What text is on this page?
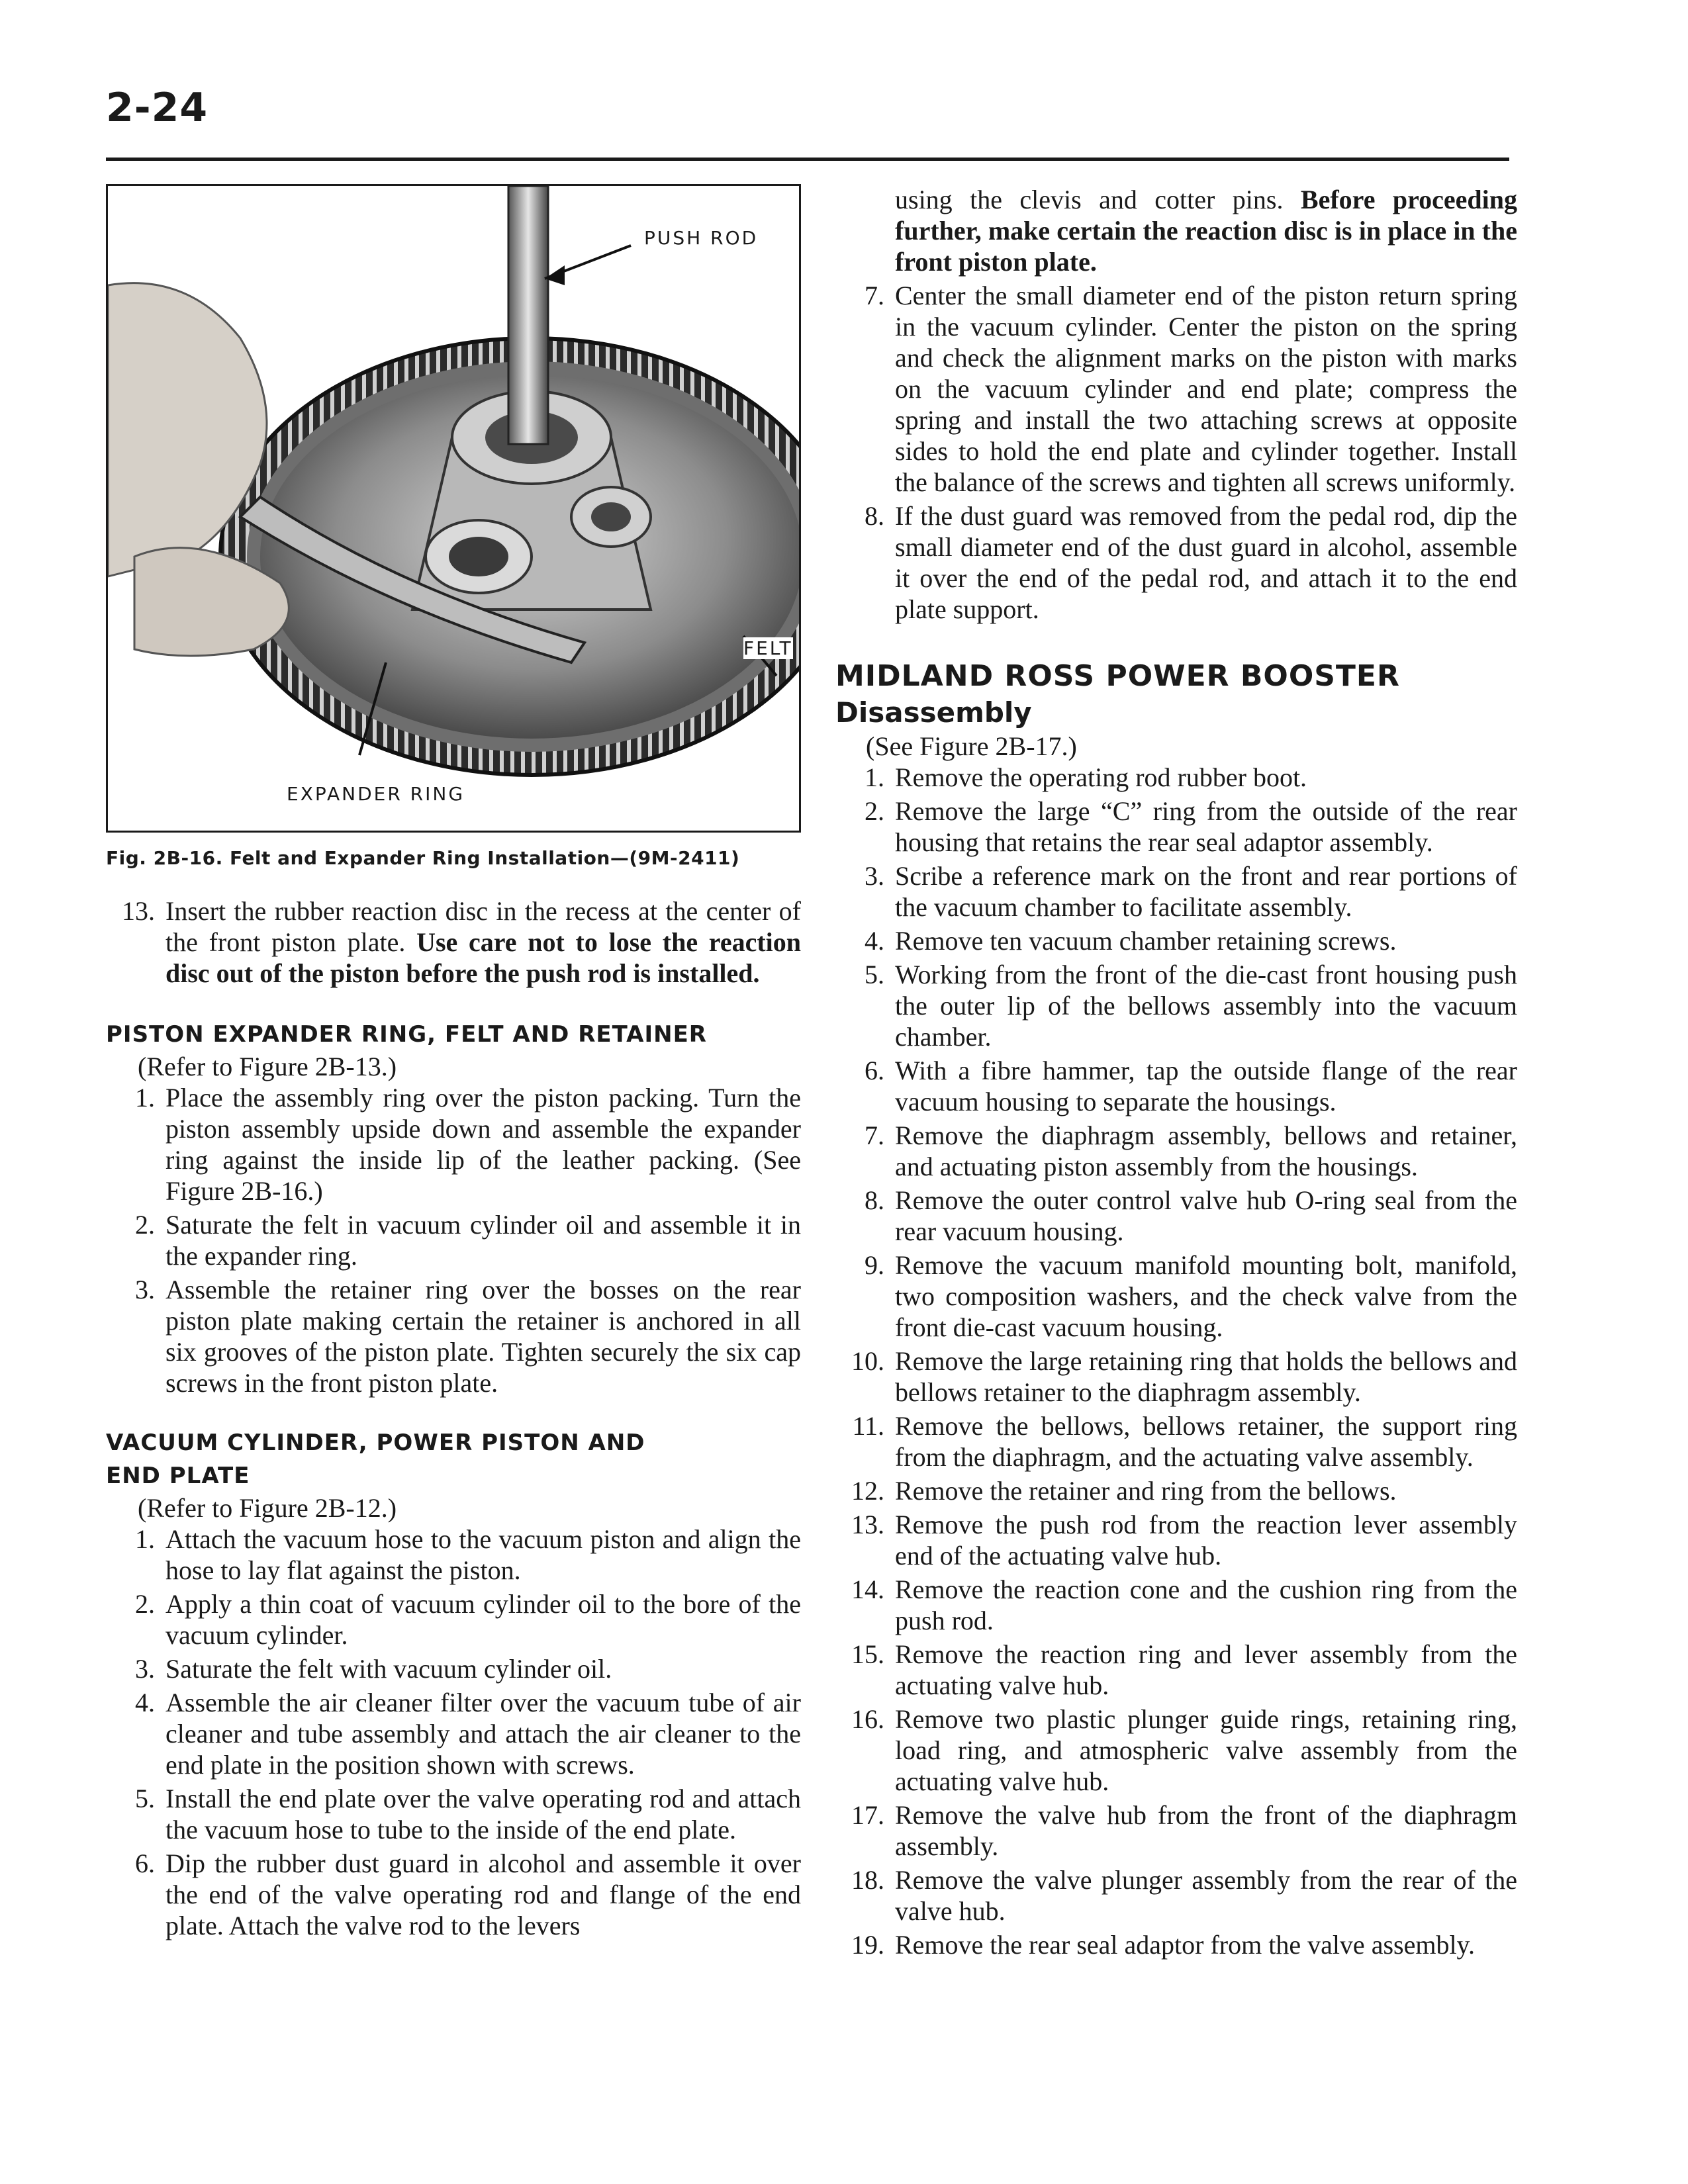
2-24
PUSH ROD
FELT
EXPANDER RING
Fig. 2B-16. Felt and Expander Ring Installation—(9M-2411)
13. Insert the rubber reaction disc in the recess at the center of the front piston plate. Use care not to lose the reaction disc out of the piston before the push rod is installed.
PISTON EXPANDER RING, FELT AND RETAINER
(Refer to Figure 2B-13.)
1. Place the assembly ring over the piston packing. Turn the piston assembly upside down and assemble the expander ring against the inside lip of the leather packing. (See Figure 2B-16.)
2. Saturate the felt in vacuum cylinder oil and assemble it in the expander ring.
3. Assemble the retainer ring over the bosses on the rear piston plate making certain the retainer is anchored in all six grooves of the piston plate. Tighten securely the six cap screws in the front piston plate.
VACUUM CYLINDER, POWER PISTON AND
END PLATE
(Refer to Figure 2B-12.)
1. Attach the vacuum hose to the vacuum piston and align the hose to lay flat against the piston.
2. Apply a thin coat of vacuum cylinder oil to the bore of the vacuum cylinder.
3. Saturate the felt with vacuum cylinder oil.
4. Assemble the air cleaner filter over the vacuum tube of air cleaner and tube assembly and attach the air cleaner to the end plate in the position shown with screws.
5. Install the end plate over the valve operating rod and attach the vacuum hose to tube to the inside of the end plate.
6. Dip the rubber dust guard in alcohol and assemble it over the end of the valve operating rod and flange of the end plate. Attach the valve rod to the levers
using the clevis and cotter pins. Before proceeding further, make certain the reaction disc is in place in the front piston plate.
7. Center the small diameter end of the piston return spring in the vacuum cylinder. Center the piston on the spring and check the alignment marks on the piston with marks on the vacuum cylinder and end plate; compress the spring and install the two attaching screws at opposite sides to hold the end plate and cylinder together. Install the balance of the screws and tighten all screws uniformly.
8. If the dust guard was removed from the pedal rod, dip the small diameter end of the dust guard in alcohol, assemble it over the end of the pedal rod, and attach it to the end plate support.
MIDLAND ROSS POWER BOOSTER
Disassembly
(See Figure 2B-17.)
1. Remove the operating rod rubber boot.
2. Remove the large “C” ring from the outside of the rear housing that retains the rear seal adaptor assembly.
3. Scribe a reference mark on the front and rear portions of the vacuum chamber to facilitate assembly.
4. Remove ten vacuum chamber retaining screws.
5. Working from the front of the die-cast front housing push the outer lip of the bellows assembly into the vacuum chamber.
6. With a fibre hammer, tap the outside flange of the rear vacuum housing to separate the housings.
7. Remove the diaphragm assembly, bellows and retainer, and actuating piston assembly from the housings.
8. Remove the outer control valve hub O-ring seal from the rear vacuum housing.
9. Remove the vacuum manifold mounting bolt, manifold, two composition washers, and the check valve from the front die-cast vacuum housing.
10. Remove the large retaining ring that holds the bellows and bellows retainer to the diaphragm assembly.
11. Remove the bellows, bellows retainer, the support ring from the diaphragm, and the actuating valve assembly.
12. Remove the retainer and ring from the bellows.
13. Remove the push rod from the reaction lever assembly end of the actuating valve hub.
14. Remove the reaction cone and the cushion ring from the push rod.
15. Remove the reaction ring and lever assembly from the actuating valve hub.
16. Remove two plastic plunger guide rings, retaining ring, load ring, and atmospheric valve assembly from the actuating valve hub.
17. Remove the valve hub from the front of the diaphragm assembly.
18. Remove the valve plunger assembly from the rear of the valve hub.
19. Remove the rear seal adaptor from the valve assembly.
